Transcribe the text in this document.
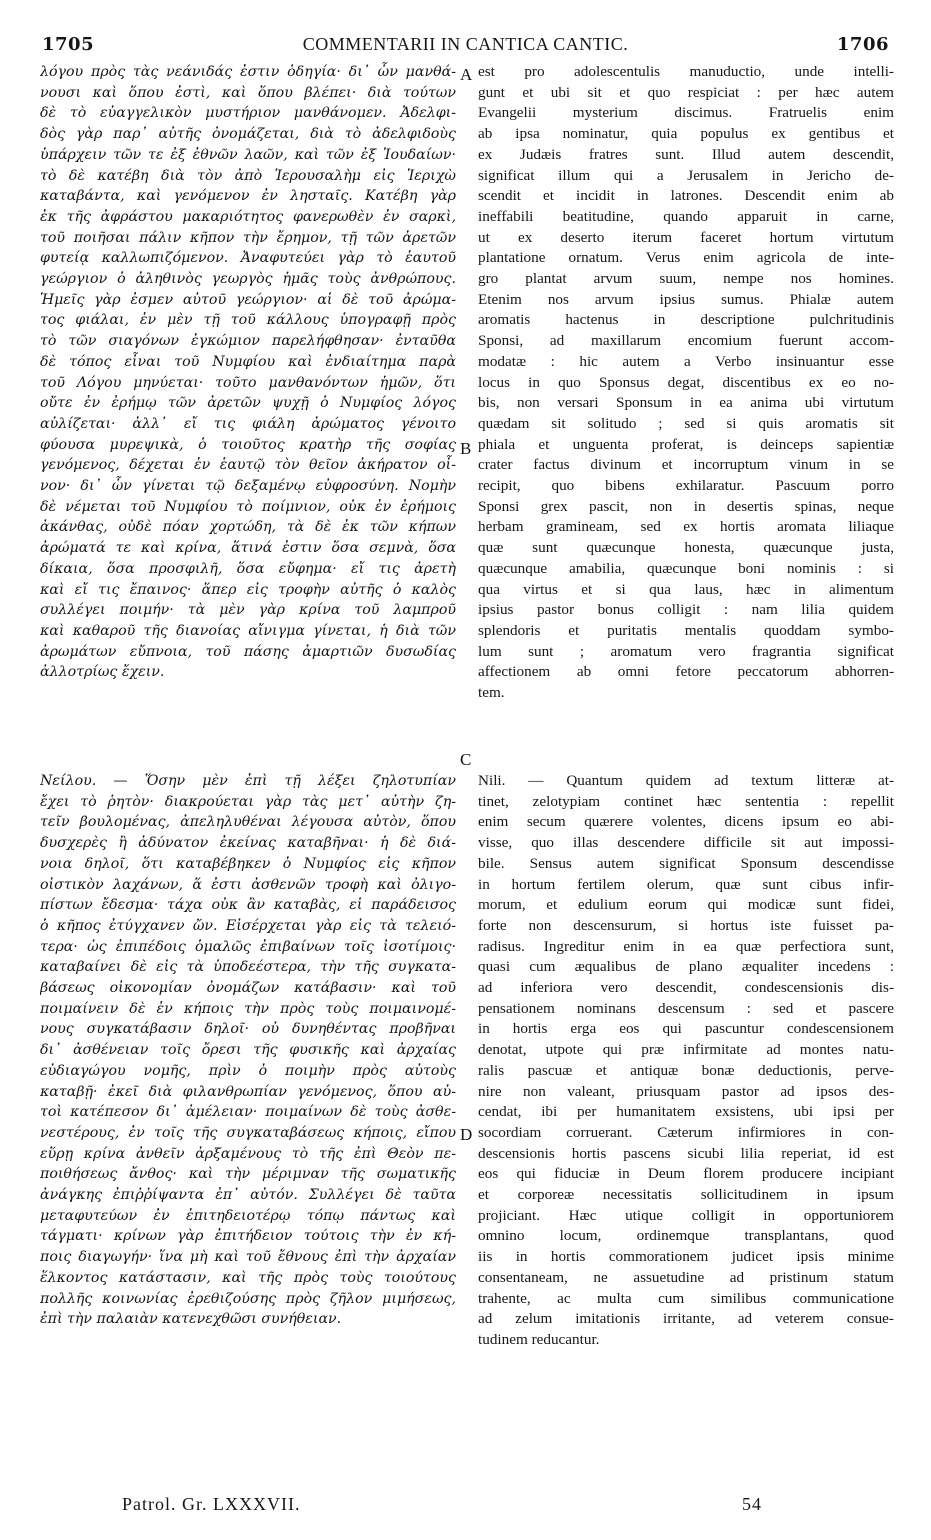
COMMENTARII IN CANTICA CANTIC.
1705	1706
λόγου πρὸς τὰς νεάνιδάς ἐστιν ὁδηγία· δι᾽ ὧν μανθά-
νουσι καὶ ὅπου ἐστὶ, καὶ ὅπου βλέπει· διὰ τούτων
δὲ τὸ εὐαγγελικὸν μυστήριον μανθάνομεν. Ἀδελφι-
δὸς γὰρ παρ᾽ αὐτῆς ὀνομάζεται, διὰ τὸ ἀδελφιδοὺς
ὑπάρχειν τῶν τε ἐξ ἐθνῶν λαῶν, καὶ τῶν ἐξ Ἰουδαίων·
τὸ δὲ κατέβη διὰ τὸν ἀπὸ Ἱερουσαλὴμ εἰς Ἱεριχὼ
καταβάντα, καὶ γενόμενον ἐν λησταῖς. Κατέβη γὰρ
ἐκ τῆς ἀφράστου μακαριότητος φανερωθὲν ἐν σαρκὶ,
τοῦ ποιῆσαι πάλιν κῆπον τὴν ἔρημον, τῇ τῶν ἀρετῶν
φυτείᾳ καλλωπιζόμενον. Ἀναφυτεύει γὰρ τὸ ἑαυτοῦ
γεώργιον ὁ ἀληθινὸς γεωργὸς ἡμᾶς τοὺς ἀνθρώπους.
Ἡμεῖς γὰρ ἐσμεν αὐτοῦ γεώργιον· αἱ δὲ τοῦ ἀρώμα-
τος φιάλαι, ἐν μὲν τῇ τοῦ κάλλους ὑπογραφῇ πρὸς
τὸ τῶν σιαγόνων ἐγκώμιον παρελήφθησαν· ἐνταῦθα
δὲ τόπος εἶναι τοῦ Νυμφίου καὶ ἐνδιαίτημα παρὰ
τοῦ Λόγου μηνύεται· τοῦτο μανθανόντων ἡμῶν, ὅτι
οὔτε ἐν ἐρήμῳ τῶν ἀρετῶν ψυχῇ ὁ Νυμφίος λόγος
αὐλίζεται· ἀλλ᾽ εἴ τις φιάλη ἀρώματος γένοιτο
φύουσα μυρεψικὰ, ὁ τοιοῦτος κρατὴρ τῆς σοφίας
γενόμενος, δέχεται ἐν ἑαυτῷ τὸν θεῖον ἀκήρατον οἶ-
νον· δι᾽ ὧν γίνεται τῷ δεξαμένῳ εὐφροσύνη. Νομὴν
δὲ νέμεται τοῦ Νυμφίου τὸ ποίμνιον, οὐκ ἐν ἐρήμοις
ἀκάνθας, οὐδὲ πόαν χορτώδη, τὰ δὲ ἐκ τῶν κήπων
ἀρώματά τε καὶ κρίνα, ἅτινά ἐστιν ὅσα σεμνὰ, ὅσα
δίκαια, ὅσα προσφιλῆ, ὅσα εὔφημα· εἴ τις ἀρετὴ
καὶ εἴ τις ἔπαινος· ἅπερ εἰς τροφὴν αὐτῆς ὁ καλὸς
συλλέγει ποιμήν· τὰ μὲν γὰρ κρίνα τοῦ λαμπροῦ
καὶ καθαροῦ τῆς διανοίας αἴνιγμα γίνεται, ἡ διὰ τῶν
ἀρωμάτων εὔπνοια, τοῦ πάσης ἁμαρτιῶν δυσωδίας
ἀλλοτρίως ἔχειν.
Νείλου. — Ὅσην μὲν ἐπὶ τῇ λέξει ζηλοτυπίαν
ἔχει τὸ ῥητὸν· διακρούεται γὰρ τὰς μετ᾽ αὐτὴν ζη-
τεῖν βουλομένας, ἀπεληλυθέναι λέγουσα αὐτὸν, ὅπου
δυσχερὲς ἢ ἀδύνατον ἐκείνας καταβῆναι· ἡ δὲ διά-
νοια δηλοῖ, ὅτι καταβέβηκεν ὁ Νυμφίος εἰς κῆπον
οἰστικὸν λαχάνων, ἅ ἐστι ἀσθενῶν τροφὴ καὶ ὀλιγο-
πίστων ἔδεσμα· τάχα οὐκ ἂν καταβὰς, εἰ παράδεισος
ὁ κῆπος ἐτύγχανεν ὤν. Εἰσέρχεται γὰρ εἰς τὰ τελειό-
τερα· ὡς ἐπιπέδοις ὁμαλῶς ἐπιβαίνων τοῖς ἰσοτίμοις·
καταβαίνει δὲ εἰς τὰ ὑποδεέστερα, τὴν τῆς συγκατα-
βάσεως οἰκονομίαν ὀνομάζων κατάβασιν· καὶ τοῦ
ποιμαίνειν δὲ ἐν κήποις τὴν πρὸς τοὺς ποιμαινομέ-
νους συγκατάβασιν δηλοῖ· οὐ δυνηθέντας προβῆναι
δι᾽ ἀσθένειαν τοῖς ὄρεσι τῆς φυσικῆς καὶ ἀρχαίας
εὐδιαγώγου νομῆς, πρὶν ὁ ποιμὴν πρὸς αὐτοὺς
καταβῇ· ἐκεῖ διὰ φιλανθρωπίαν γενόμενος, ὅπου αὐ-
τοὶ κατέπεσον δι᾽ ἀμέλειαν· ποιμαίνων δὲ τοὺς ἀσθε-
νεστέρους, ἐν τοῖς τῆς συγκαταβάσεως κήποις, εἴπου
εὕρῃ κρίνα ἀνθεῖν ἀρξαμένους τὸ τῆς ἐπὶ Θεὸν πε-
ποιθήσεως ἄνθος· καὶ τὴν μέριμναν τῆς σωματικῆς
ἀνάγκης ἐπιῤῥίψαντα ἐπ᾽ αὐτόν. Συλλέγει δὲ ταῦτα
μεταφυτεύων ἐν ἐπιτηδειοτέρῳ τόπῳ πάντως καὶ
τάγματι· κρίνων γὰρ ἐπιτήδειον τούτοις τὴν ἐν κή-
ποις διαγωγήν· ἵνα μὴ καὶ τοῦ ἔθνους ἐπὶ τὴν ἀρχαίαν
ἕλκοντος κατάστασιν, καὶ τῆς πρὸς τοὺς τοιούτους
πολλῆς κοινωνίας ἐρεθιζούσης πρὸς ζῆλον μιμήσεως,
ἐπὶ τὴν παλαιὰν κατενεχθῶσι συνήθειαν.
est pro adolescentulis manuductio, unde intelli-
gunt et ubi sit et quo respiciat : per hæc autem
Evangelii mysterium discimus. Fratruelis enim
ab ipsa nominatur, quia populus ex gentibus et
ex Judæis fratres sunt. Illud autem descendit,
significat illum qui a Jerusalem in Jericho de-
scendit et incidit in latrones. Descendit enim ab
ineffabili beatitudine, quando apparuit in carne,
ut ex deserto iterum faceret hortum virtutum
plantatione ornatum. Verus enim agricola de inte-
gro plantat arvum suum, nempe nos homines.
Etenim nos arvum ipsius sumus. Phialæ autem
aromatis hactenus in descriptione pulchritudinis
Sponsi, ad maxillarum encomium fuerunt accom-
modatæ : hic autem a Verbo insinuantur esse
locus in quo Sponsus degat, discentibus ex eo no-
bis, non versari Sponsum in ea anima ubi virtutum
quædam sit solitudo ; sed si quis aromatis sit
phiala et unguenta proferat, is deinceps sapientiæ
crater factus divinum et incorruptum vinum in se
recipit, quo bibens exhilaratur. Pascuum porro
Sponsi grex pascit, non in desertis spinas, neque
herbam gramineam, sed ex hortis aromata liliaque
quæ sunt quæcunque honesta, quæcunque justa,
quæcunque amabilia, quæcunque boni nominis : si
qua virtus et si qua laus, hæc in alimentum
ipsius pastor bonus colligit : nam lilia quidem
splendoris et puritatis mentalis quoddam symbo-
lum sunt ; aromatum vero fragrantia significat
affectionem ab omni fetore peccatorum abhorren-
tem.
Nili. — Quantum quidem ad textum litteræ at-
tinet, zelotypiam continet hæc sententia : repellit
enim secum quærere volentes, dicens ipsum eo abi-
visse, quo illas descendere difficile sit aut impossi-
bile. Sensus autem significat Sponsum descendisse
in hortum fertilem olerum, quæ sunt cibus infir-
morum, et edulium eorum qui modicæ sunt fidei,
forte non descensurum, si hortus iste fuisset pa-
radisus. Ingreditur enim in ea quæ perfectiora sunt,
quasi cum æqualibus de plano æqualiter incedens :
ad inferiora vero descendit, condescensionis dis-
pensationem nominans descensum : sed et pascere
in hortis erga eos qui pascuntur condescensionem
denotat, utpote qui præ infirmitate ad montes natu-
ralis pascuæ et antiquæ bonæ deductionis, perve-
nire non valeant, priusquam pastor ad ipsos des-
cendat, ibi per humanitatem exsistens, ubi ipsi per
socordiam corruerant. Cæterum infirmiores in con-
descensionis hortis pascens sicubi lilia reperiat, id est
eos qui fiduciæ in Deum florem producere incipiant
et corporeæ necessitatis sollicitudinem in ipsum
projiciant. Hæc utique colligit in opportuniorem
omnino locum, ordinemque transplantans, quod
iis in hortis commorationem judicet ipsis minime
consentaneam, ne assuetudine ad pristinum statum
trahente, ac multa cum similibus communicatione
ad zelum imitationis irritante, ad veterem consue-
tudinem reducantur.
A
B
C
D
Patrol. Gr. LXXXVII.	54
